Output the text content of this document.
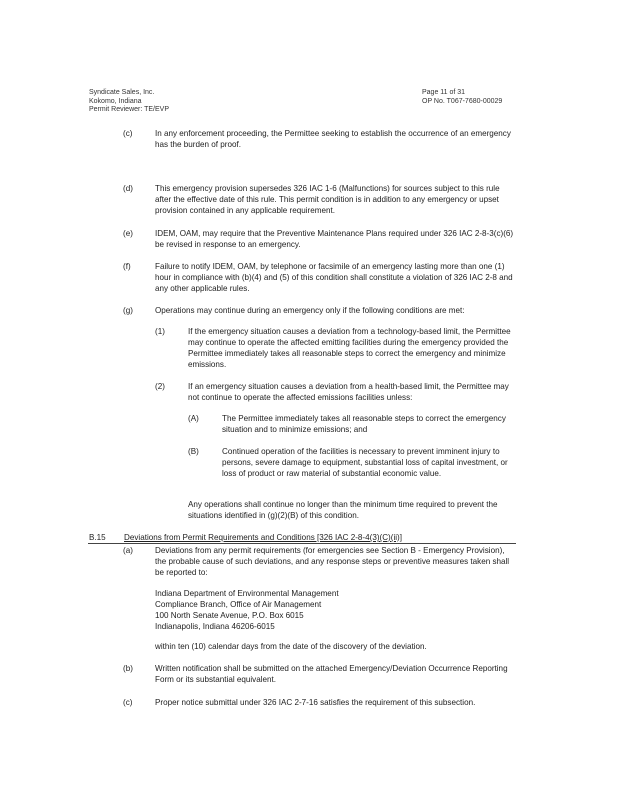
Syndicate Sales, Inc.
Kokomo, Indiana
Permit Reviewer: TE/EVP
Page 11 of 31
OP No. T067-7680-00029
(c)	In any enforcement proceeding, the Permittee seeking to establish the occurrence of an emergency has the burden of proof.
(d)	This emergency provision supersedes 326 IAC 1-6 (Malfunctions) for sources subject to this rule after the effective date of this rule. This permit condition is in addition to any emergency or upset provision contained in any applicable requirement.
(e)	IDEM, OAM, may require that the Preventive Maintenance Plans required under 326 IAC 2-8-3(c)(6) be revised in response to an emergency.
(f)	Failure to notify IDEM, OAM, by telephone or facsimile of an emergency lasting more than one (1) hour in compliance with (b)(4) and (5) of this condition shall constitute a violation of 326 IAC 2-8 and any other applicable rules.
(g)	Operations may continue during an emergency only if the following conditions are met:
(1)	If the emergency situation causes a deviation from a technology-based limit, the Permittee may continue to operate the affected emitting facilities during the emergency provided the Permittee immediately takes all reasonable steps to correct the emergency and minimize emissions.
(2)	If an emergency situation causes a deviation from a health-based limit, the Permittee may not continue to operate the affected emissions facilities unless:
(A)	The Permittee immediately takes all reasonable steps to correct the emergency situation and to minimize emissions; and
(B)	Continued operation of the facilities is necessary to prevent imminent injury to persons, severe damage to equipment, substantial loss of capital investment, or loss of product or raw material of substantial economic value.
Any operations shall continue no longer than the minimum time required to prevent the situations identified in (g)(2)(B) of this condition.
B.15 Deviations from Permit Requirements and Conditions [326 IAC 2-8-4(3)(C)(ii)]
(a)	Deviations from any permit requirements (for emergencies see Section B - Emergency Provision), the probable cause of such deviations, and any response steps or preventive measures taken shall be reported to:
Indiana Department of Environmental Management
Compliance Branch, Office of Air Management
100 North Senate Avenue, P.O. Box 6015
Indianapolis, Indiana 46206-6015
within ten (10) calendar days from the date of the discovery of the deviation.
(b)	Written notification shall be submitted on the attached Emergency/Deviation Occurrence Reporting Form or its substantial equivalent.
(c)	Proper notice submittal under 326 IAC 2-7-16 satisfies the requirement of this subsection.
